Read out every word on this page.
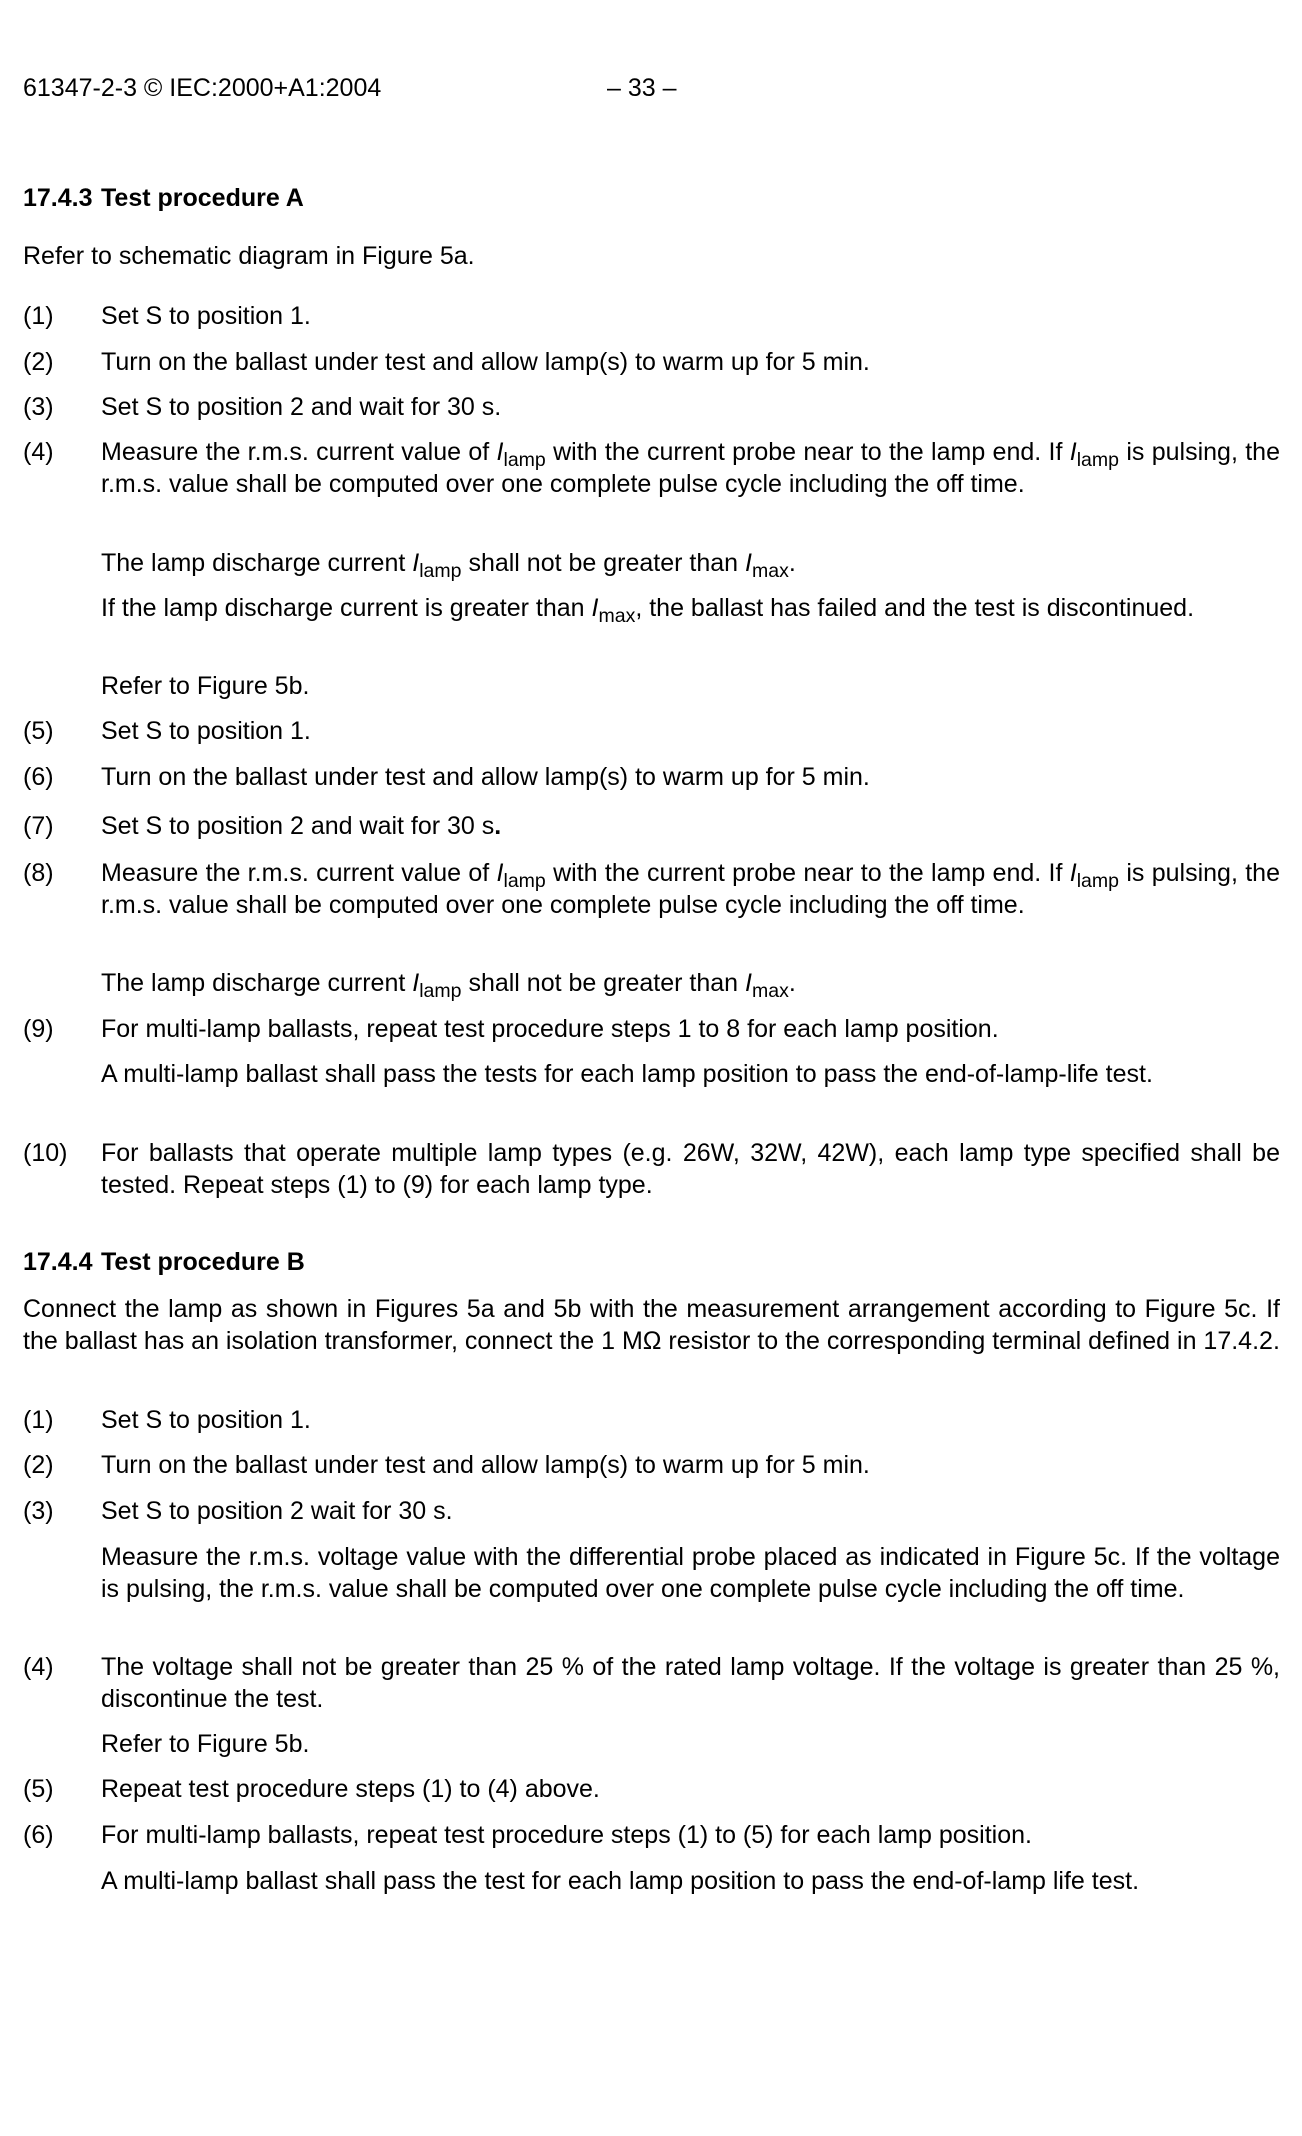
61347-2-3 © IEC:2000+A1:2004	– 33 –
17.4.3 Test procedure A
Refer to schematic diagram in Figure 5a.
(1) Set S to position 1.
(2) Turn on the ballast under test and allow lamp(s) to warm up for 5 min.
(3) Set S to position 2 and wait for 30 s.
(4) Measure the r.m.s. current value of $I_{lamp}$ with the current probe near to the lamp end. If $I_{lamp}$ is pulsing, the r.m.s. value shall be computed over one complete pulse cycle including the off time.
The lamp discharge current $I_{lamp}$ shall not be greater than $I_{max}$.
If the lamp discharge current is greater than $I_{max}$, the ballast has failed and the test is discontinued.
Refer to Figure 5b.
(5) Set S to position 1.
(6) Turn on the ballast under test and allow lamp(s) to warm up for 5 min.
(7) Set S to position 2 and wait for 30 s.
(8) Measure the r.m.s. current value of $I_{lamp}$ with the current probe near to the lamp end. If $I_{lamp}$ is pulsing, the r.m.s. value shall be computed over one complete pulse cycle including the off time.
The lamp discharge current $I_{lamp}$ shall not be greater than $I_{max}$.
(9) For multi-lamp ballasts, repeat test procedure steps 1 to 8 for each lamp position.
A multi-lamp ballast shall pass the tests for each lamp position to pass the end-of-lamp-life test.
(10) For ballasts that operate multiple lamp types (e.g. 26W, 32W, 42W), each lamp type specified shall be tested. Repeat steps (1) to (9) for each lamp type.
17.4.4 Test procedure B
Connect the lamp as shown in Figures 5a and 5b with the measurement arrangement according to Figure 5c. If the ballast has an isolation transformer, connect the 1 MΩ resistor to the corresponding terminal defined in 17.4.2.
(1) Set S to position 1.
(2) Turn on the ballast under test and allow lamp(s) to warm up for 5 min.
(3) Set S to position 2 wait for 30 s.
Measure the r.m.s. voltage value with the differential probe placed as indicated in Figure 5c. If the voltage is pulsing, the r.m.s. value shall be computed over one complete pulse cycle including the off time.
(4) The voltage shall not be greater than 25 % of the rated lamp voltage. If the voltage is greater than 25 %, discontinue the test.
Refer to Figure 5b.
(5) Repeat test procedure steps (1) to (4) above.
(6) For multi-lamp ballasts, repeat test procedure steps (1) to (5) for each lamp position.
A multi-lamp ballast shall pass the test for each lamp position to pass the end-of-lamp life test.
